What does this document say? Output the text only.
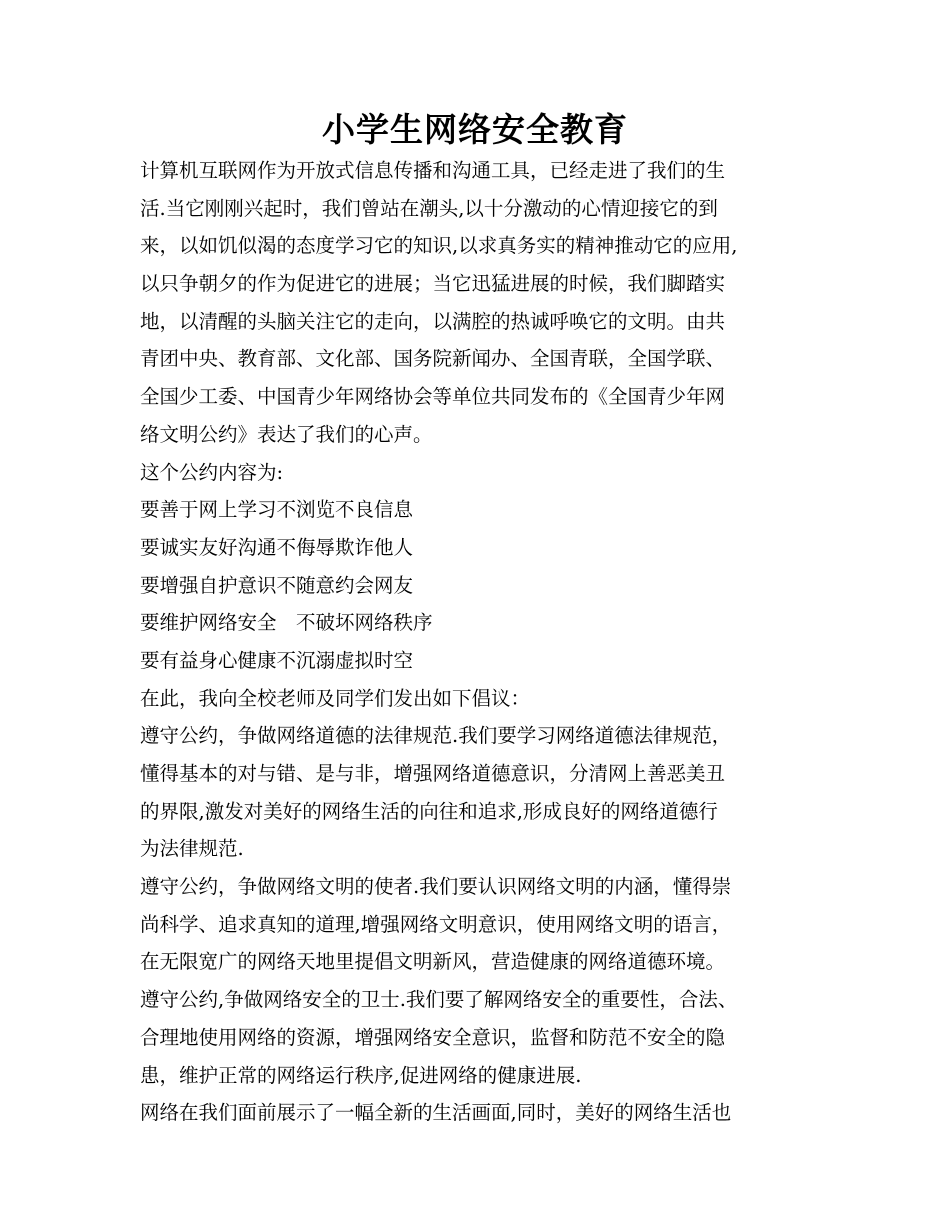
小学生网络安全教育

计算机互联网作为开放式信息传播和沟通工具，已经走进了我们的生

活.当它刚刚兴起时，我们曾站在潮头,以十分激动的心情迎接它的到

来，以如饥似渴的态度学习它的知识,以求真务实的精神推动它的应用,

以只争朝夕的作为促进它的进展；当它迅猛进展的时候，我们脚踏实

地，以清醒的头脑关注它的走向，以满腔的热诚呼唤它的文明。由共

青团中央、教育部、文化部、国务院新闻办、全国青联，全国学联、

全国少工委、中国青少年网络协会等单位共同发布的《全国青少年网

络文明公约》表达了我们的心声。

这个公约内容为:

要善于网上学习不浏览不良信息

要诚实友好沟通不侮辱欺诈他人

要增强自护意识不随意约会网友

要维护网络安全　不破坏网络秩序

要有益身心健康不沉溺虚拟时空

在此，我向全校老师及同学们发出如下倡议：

遵守公约，争做网络道德的法律规范.我们要学习网络道德法律规范，

懂得基本的对与错、是与非，增强网络道德意识，分清网上善恶美丑

的界限,激发对美好的网络生活的向往和追求,形成良好的网络道德行

为法律规范.

遵守公约，争做网络文明的使者.我们要认识网络文明的内涵，懂得崇

尚科学、追求真知的道理,增强网络文明意识，使用网络文明的语言，

在无限宽广的网络天地里提倡文明新风，营造健康的网络道德环境。

遵守公约,争做网络安全的卫士.我们要了解网络安全的重要性，合法、

合理地使用网络的资源，增强网络安全意识，监督和防范不安全的隐

患，维护正常的网络运行秩序,促进网络的健康进展.

网络在我们面前展示了一幅全新的生活画面,同时，美好的网络生活也
